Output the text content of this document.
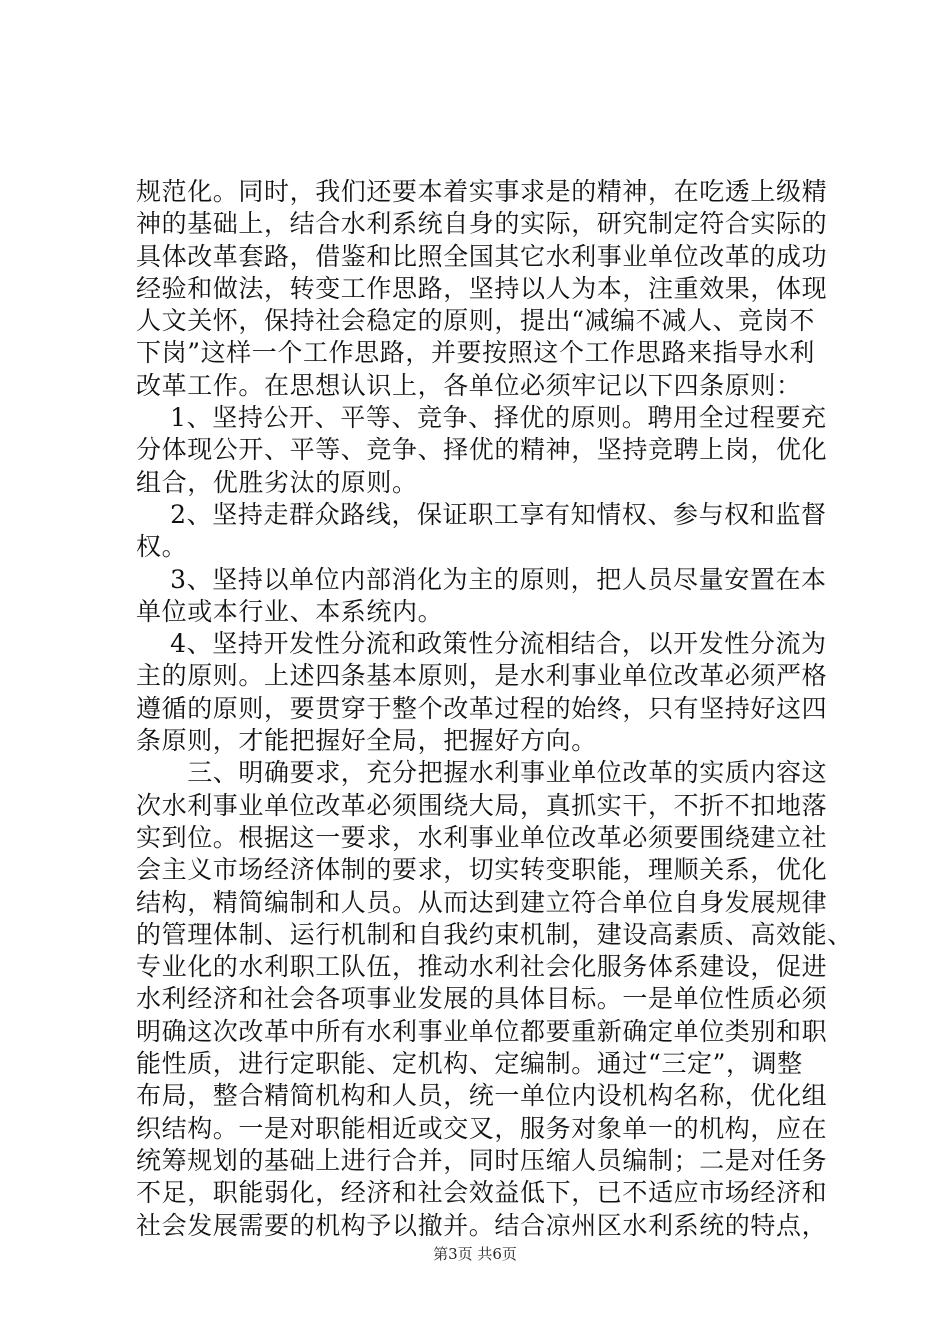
规范化。同时，我们还要本着实事求是的精神，在吃透上级精
神的基础上，结合水利系统自身的实际，研究制定符合实际的
具体改革套路，借鉴和比照全国其它水利事业单位改革的成功
经验和做法，转变工作思路，坚持以人为本，注重效果，体现
人文关怀，保持社会稳定的原则，提出“减编不减人、竞岗不
下岗”这样一个工作思路，并要按照这个工作思路来指导水利
改革工作。在思想认识上，各单位必须牢记以下四条原则：
　 1、坚持公开、平等、竞争、择优的原则。聘用全过程要充
分体现公开、平等、竞争、择优的精神，坚持竞聘上岗，优化
组合，优胜劣汰的原则。
　 2、坚持走群众路线，保证职工享有知情权、参与权和监督
权。
　 3、坚持以单位内部消化为主的原则，把人员尽量安置在本
单位或本行业、本系统内。
　 4、坚持开发性分流和政策性分流相结合，以开发性分流为
主的原则。上述四条基本原则，是水利事业单位改革必须严格
遵循的原则，要贯穿于整个改革过程的始终，只有坚持好这四
条原则，才能把握好全局，把握好方向。
　　三、明确要求，充分把握水利事业单位改革的实质内容这
次水利事业单位改革必须围绕大局，真抓实干，不折不扣地落
实到位。根据这一要求，水利事业单位改革必须要围绕建立社
会主义市场经济体制的要求，切实转变职能，理顺关系，优化
结构，精简编制和人员。从而达到建立符合单位自身发展规律
的管理体制、运行机制和自我约束机制，建设高素质、高效能、
专业化的水利职工队伍，推动水利社会化服务体系建设，促进
水利经济和社会各项事业发展的具体目标。一是单位性质必须
明确这次改革中所有水利事业单位都要重新确定单位类别和职
能性质，进行定职能、定机构、定编制。通过“三定”，调整
布局，整合精简机构和人员，统一单位内设机构名称，优化组
织结构。一是对职能相近或交叉，服务对象单一的机构，应在
统筹规划的基础上进行合并，同时压缩人员编制；二是对任务
不足，职能弱化，经济和社会效益低下，已不适应市场经济和
社会发展需要的机构予以撤并。结合凉州区水利系统的特点，
第3页 共6页
